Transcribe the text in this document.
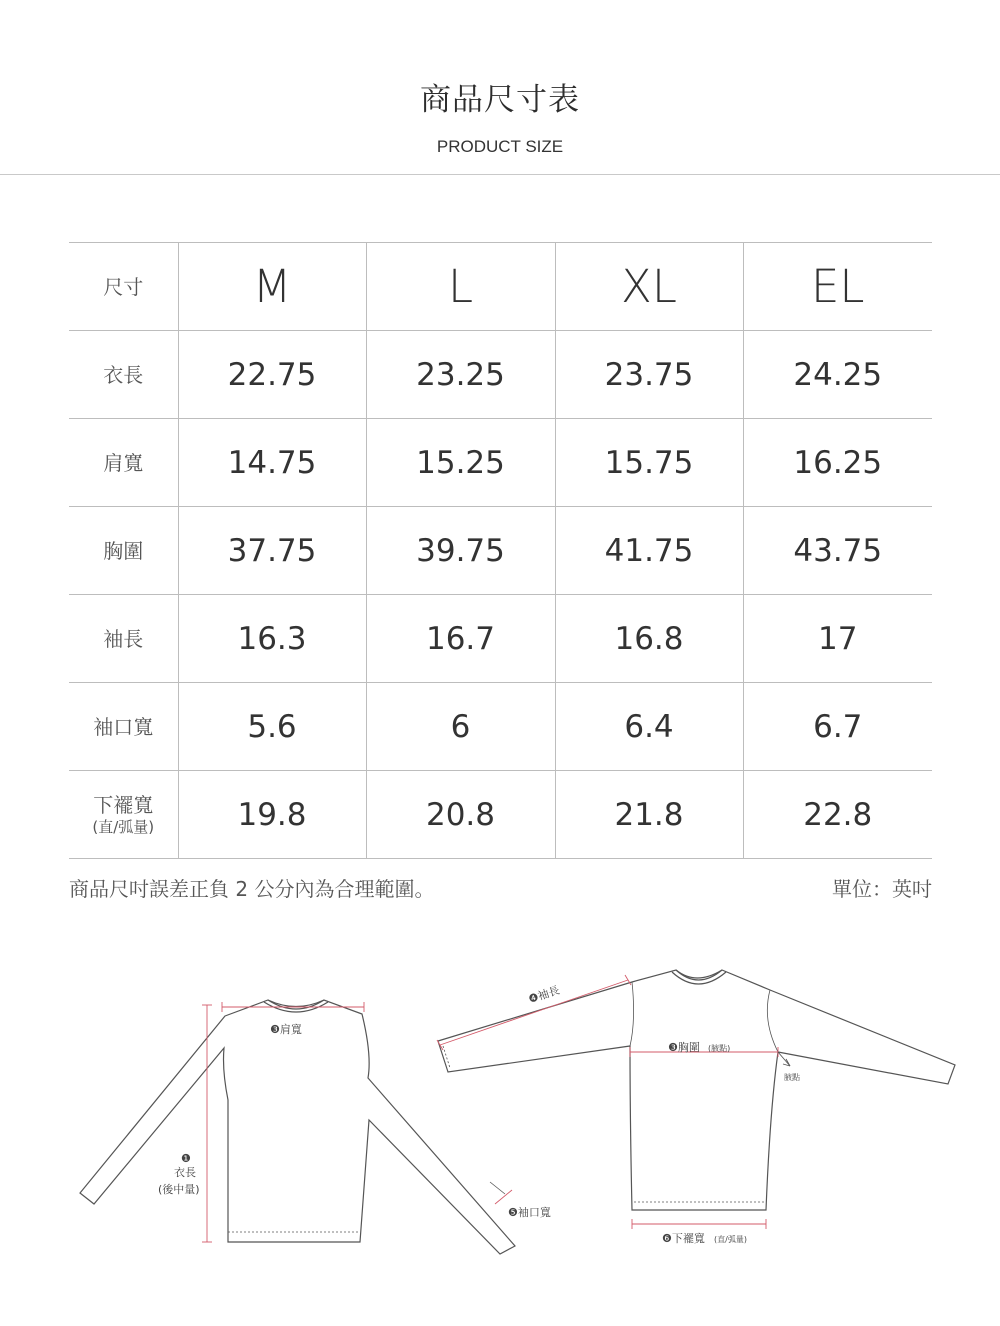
商品尺寸表
PRODUCT SIZE
尺寸	M	L	XL	EL
衣長	22.75	23.25	23.75	24.25
肩寬	14.75	15.25	15.75	16.25
胸圍	37.75	39.75	41.75	43.75
袖長	16.3	16.7	16.8	17
袖口寬	5.6	6	6.4	6.7
下襬寬
(直/弧量)	19.8	20.8	21.8	22.8
商品尺吋誤差正負 2 公分內為合理範圍。	單位：英吋
❸肩寬
❶
衣長
(後中量)
❹袖長
❸胸圍 (腋點)
腋點
❺袖口寬
❻下襬寬 (直/弧量)
